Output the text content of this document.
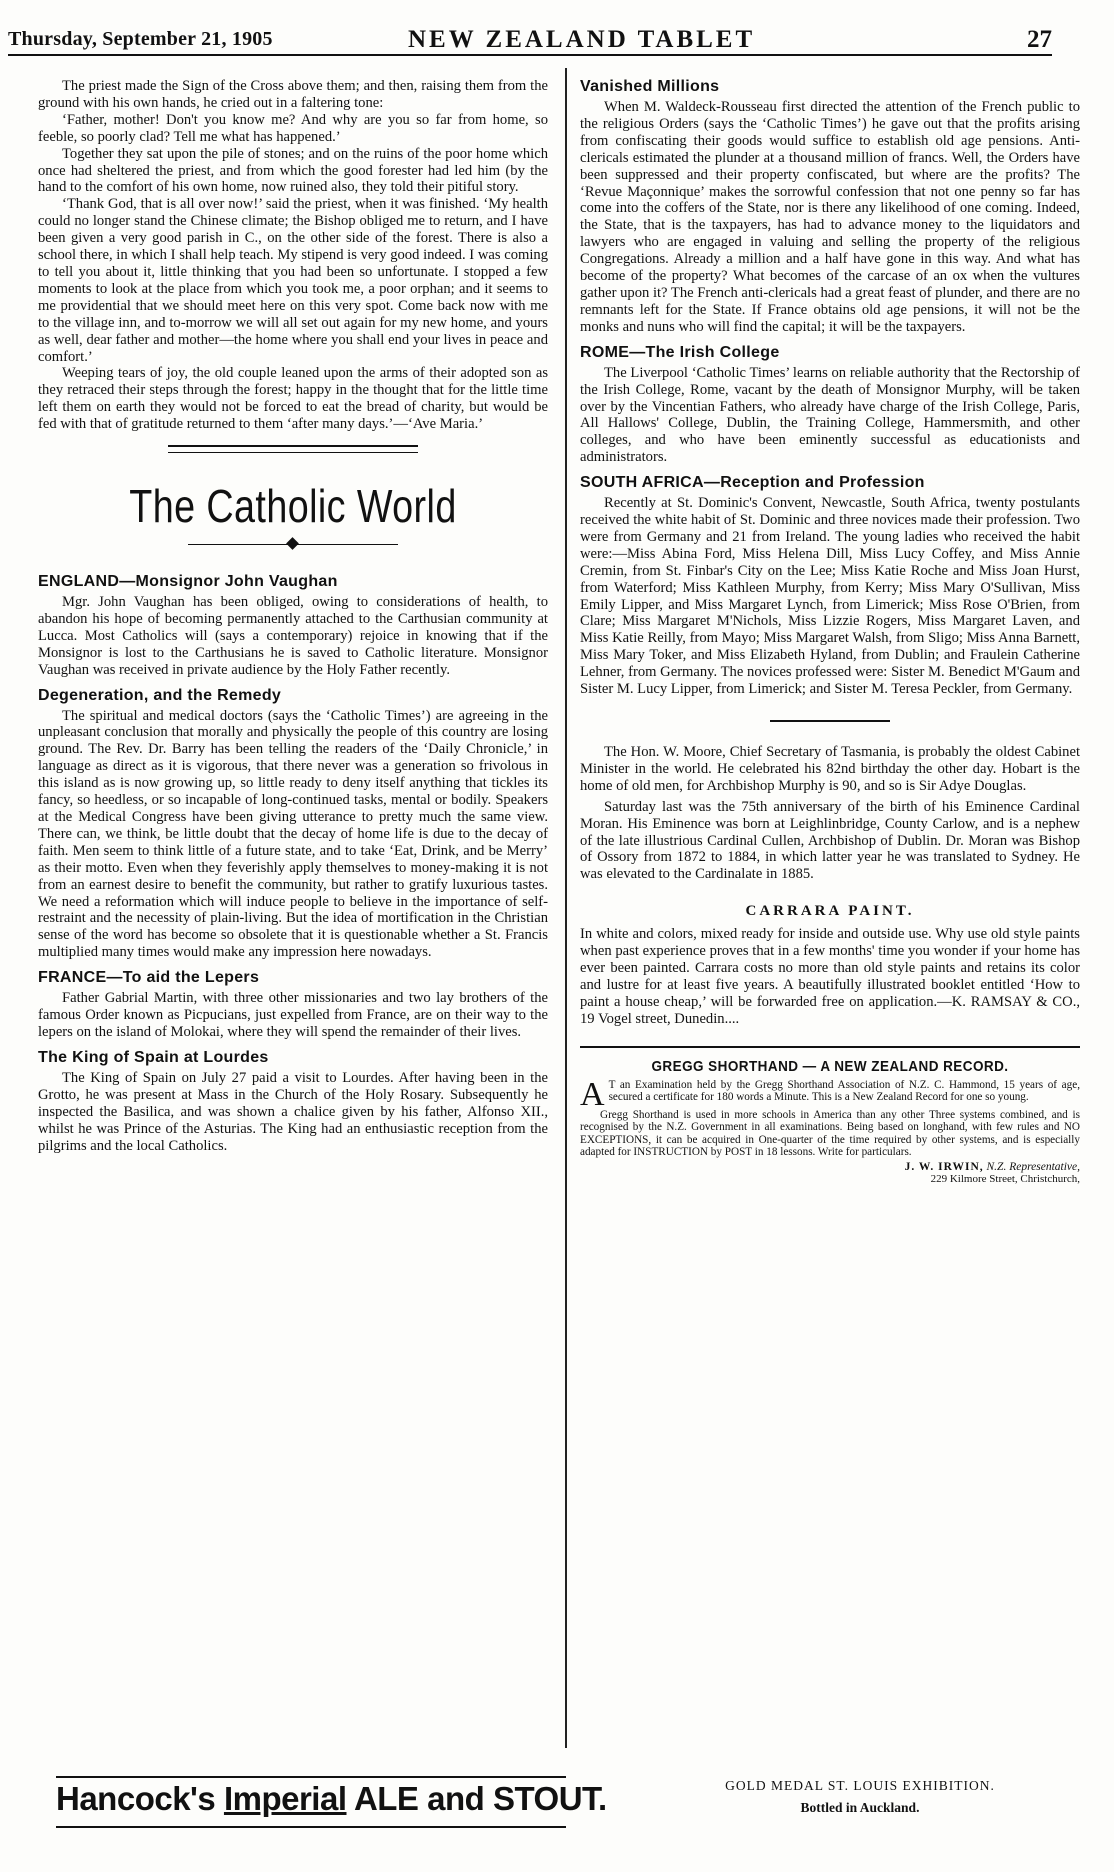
Thursday, September 21, 1905	NEW ZEALAND TABLET	27

The priest made the Sign of the Cross above them; and then, raising them from the ground with his own hands, he cried out in a faltering tone:

‘Father, mother! Don't you know me? And why are you so far from home, so feeble, so poorly clad? Tell me what has happened.’

Together they sat upon the pile of stones; and on the ruins of the poor home which once had sheltered the priest, and from which the good forester had led him (by the hand to the comfort of his own home, now ruined also, they told their pitiful story.

‘Thank God, that is all over now!’ said the priest, when it was finished. ‘My health could no longer stand the Chinese climate; the Bishop obliged me to return, and I have been given a very good parish in C., on the other side of the forest. There is also a school there, in which I shall help teach. My stipend is very good indeed. I was coming to tell you about it, little thinking that you had been so unfortunate. I stopped a few moments to look at the place from which you took me, a poor orphan; and it seems to me providential that we should meet here on this very spot. Come back now with me to the village inn, and to-morrow we will all set out again for my new home, and yours as well, dear father and mother—the home where you shall end your lives in peace and comfort.’

Weeping tears of joy, the old couple leaned upon the arms of their adopted son as they retraced their steps through the forest; happy in the thought that for the little time left them on earth they would not be forced to eat the bread of charity, but would be fed with that of gratitude returned to them ‘after many days.’—‘Ave Maria.’

The Catholic World
ENGLAND—Monsignor John Vaughan

Mgr. John Vaughan has been obliged, owing to considerations of health, to abandon his hope of becoming permanently attached to the Carthusian community at Lucca. Most Catholics will (says a contemporary) rejoice in knowing that if the Monsignor is lost to the Carthusians he is saved to Catholic literature. Monsignor Vaughan was received in private audience by the Holy Father recently.

Degeneration, and the Remedy

The spiritual and medical doctors (says the ‘Catholic Times’) are agreeing in the unpleasant conclusion that morally and physically the people of this country are losing ground. The Rev. Dr. Barry has been telling the readers of the ‘Daily Chronicle,’ in language as direct as it is vigorous, that there never was a generation so frivolous in this island as is now growing up, so little ready to deny itself anything that tickles its fancy, so heedless, or so incapable of long-continued tasks, mental or bodily. Speakers at the Medical Congress have been giving utterance to pretty much the same view. There can, we think, be little doubt that the decay of home life is due to the decay of faith. Men seem to think little of a future state, and to take ‘Eat, Drink, and be Merry’ as their motto. Even when they feverishly apply themselves to money-making it is not from an earnest desire to benefit the community, but rather to gratify luxurious tastes. We need a reformation which will induce people to believe in the importance of self-restraint and the necessity of plain-living. But the idea of mortification in the Christian sense of the word has become so obsolete that it is questionable whether a St. Francis multiplied many times would make any impression here nowadays.

FRANCE—To aid the Lepers

Father Gabrial Martin, with three other missionaries and two lay brothers of the famous Order known as Picpucians, just expelled from France, are on their way to the lepers on the island of Molokai, where they will spend the remainder of their lives.

The King of Spain at Lourdes

The King of Spain on July 27 paid a visit to Lourdes. After having been in the Grotto, he was present at Mass in the Church of the Holy Rosary. Subsequently he inspected the Basilica, and was shown a chalice given by his father, Alfonso XII., whilst he was Prince of the Asturias. The King had an enthusiastic reception from the pilgrims and the local Catholics.

Vanished Millions

When M. Waldeck-Rousseau first directed the attention of the French public to the religious Orders (says the ‘Catholic Times’) he gave out that the profits arising from confiscating their goods would suffice to establish old age pensions. Anti-clericals estimated the plunder at a thousand million of francs. Well, the Orders have been suppressed and their property confiscated, but where are the profits? The ‘Revue Maçonnique’ makes the sorrowful confession that not one penny so far has come into the coffers of the State, nor is there any likelihood of one coming. Indeed, the State, that is the taxpayers, has had to advance money to the liquidators and lawyers who are engaged in valuing and selling the property of the religious Congregations. Already a million and a half have gone in this way. And what has become of the property? What becomes of the carcase of an ox when the vultures gather upon it? The French anti-clericals had a great feast of plunder, and there are no remnants left for the State. If France obtains old age pensions, it will not be the monks and nuns who will find the capital; it will be the taxpayers.

ROME—The Irish College

The Liverpool ‘Catholic Times’ learns on reliable authority that the Rectorship of the Irish College, Rome, vacant by the death of Monsignor Murphy, will be taken over by the Vincentian Fathers, who already have charge of the Irish College, Paris, All Hallows' College, Dublin, the Training College, Hammersmith, and other colleges, and who have been eminently successful as educationists and administrators.

SOUTH AFRICA—Reception and Profession

Recently at St. Dominic's Convent, Newcastle, South Africa, twenty postulants received the white habit of St. Dominic and three novices made their profession. Two were from Germany and 21 from Ireland. The young ladies who received the habit were:—Miss Abina Ford, Miss Helena Dill, Miss Lucy Coffey, and Miss Annie Cremin, from St. Finbar's City on the Lee; Miss Katie Roche and Miss Joan Hurst, from Waterford; Miss Kathleen Murphy, from Kerry; Miss Mary O'Sullivan, Miss Emily Lipper, and Miss Margaret Lynch, from Limerick; Miss Rose O'Brien, from Clare; Miss Margaret M'Nichols, Miss Lizzie Rogers, Miss Margaret Laven, and Miss Katie Reilly, from Mayo; Miss Margaret Walsh, from Sligo; Miss Anna Barnett, Miss Mary Toker, and Miss Elizabeth Hyland, from Dublin; and Fraulein Catherine Lehner, from Germany. The novices professed were: Sister M. Benedict M'Gaum and Sister M. Lucy Lipper, from Limerick; and Sister M. Teresa Peckler, from Germany.

The Hon. W. Moore, Chief Secretary of Tasmania, is probably the oldest Cabinet Minister in the world. He celebrated his 82nd birthday the other day. Hobart is the home of old men, for Archbishop Murphy is 90, and so is Sir Adye Douglas.

Saturday last was the 75th anniversary of the birth of his Eminence Cardinal Moran. His Eminence was born at Leighlinbridge, County Carlow, and is a nephew of the late illustrious Cardinal Cullen, Archbishop of Dublin. Dr. Moran was Bishop of Ossory from 1872 to 1884, in which latter year he was translated to Sydney. He was elevated to the Cardinalate in 1885.

CARRARA PAINT.

In white and colors, mixed ready for inside and outside use. Why use old style paints when past experience proves that in a few months' time you wonder if your home has ever been painted. Carrara costs no more than old style paints and retains its color and lustre for at least five years. A beautifully illustrated booklet entitled ‘How to paint a house cheap,’ will be forwarded free on application.—K. RAMSAY & CO., 19 Vogel street, Dunedin....

GREGG SHORTHAND — A NEW ZEALAND RECORD.
A T an Examination held by the Gregg Shorthand Association of N.Z. C. Hammond, 15 years of age, secured a certificate for 180 words a Minute. This is a New Zealand Record for one so young.
Gregg Shorthand is used in more schools in America than any other Three systems combined, and is recognised by the N.Z. Government in all examinations. Being based on longhand, with few rules and NO EXCEPTIONS, it can be acquired in One-quarter of the time required by other systems, and is especially adapted for INSTRUCTION by POST in 18 lessons. Write for particulars.
J. W. IRWIN, N.Z. Representative,
229 Kilmore Street, Christchurch,
Hancock's Imperial ALE and STOUT.	GOLD MEDAL ST. LOUIS EXHIBITION.
Bottled in Auckland.
